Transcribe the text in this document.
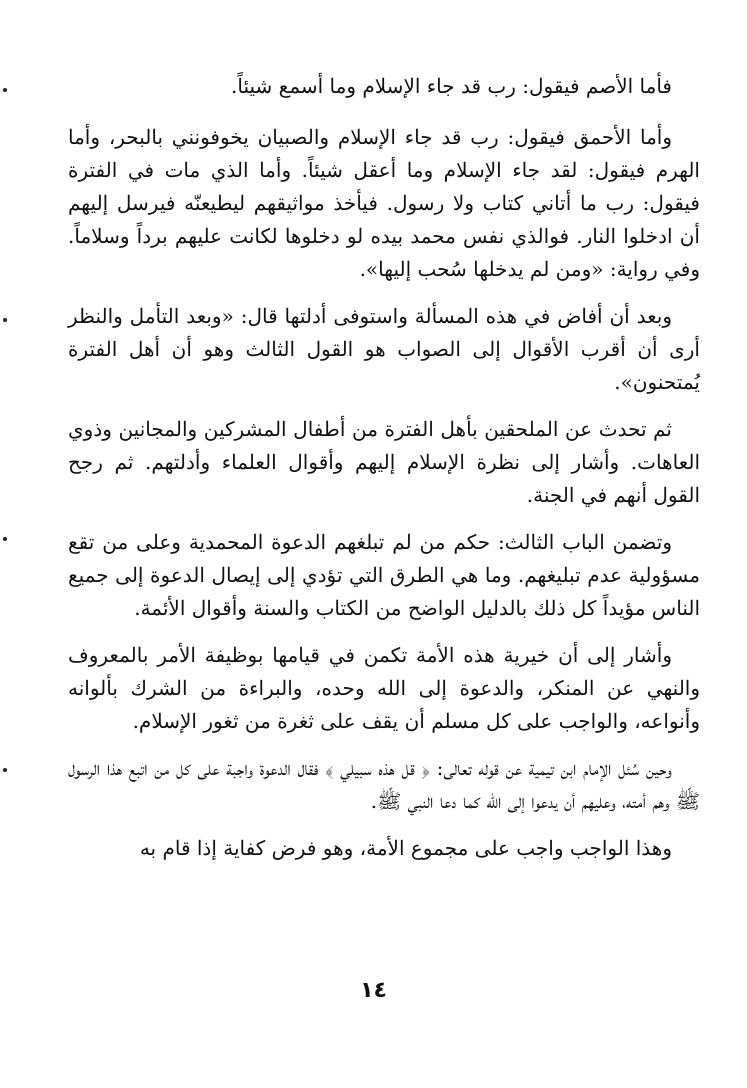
فأما الأصم فيقول: رب قد جاء الإسلام وما أسمع شيئاً.

وأما الأحمق فيقول: رب قد جاء الإسلام والصبيان يخوفونني بالبحر، وأما الهرم فيقول: لقد جاء الإسلام وما أعقل شيئاً. وأما الذي مات في الفترة فيقول: رب ما أتاني كتاب ولا رسول. فيأخذ مواثيقهم ليطيعنّه فيرسل إليهم أن ادخلوا النار. فوالذي نفس محمد بيده لو دخلوها لكانت عليهم برداً وسلاماً. وفي رواية: «ومن لم يدخلها سُحب إليها».

وبعد أن أفاض في هذه المسألة واستوفى أدلتها قال: «وبعد التأمل والنظر أرى أن أقرب الأقوال إلى الصواب هو القول الثالث وهو أن أهل الفترة يُمتحنون».

ثم تحدث عن الملحقين بأهل الفترة من أطفال المشركين والمجانين وذوي العاهات. وأشار إلى نظرة الإسلام إليهم وأقوال العلماء وأدلتهم. ثم رجح القول أنهم في الجنة.

وتضمن الباب الثالث: حكم من لم تبلغهم الدعوة المحمدية وعلى من تقع مسؤولية عدم تبليغهم. وما هي الطرق التي تؤدي إلى إيصال الدعوة إلى جميع الناس مؤيداً كل ذلك بالدليل الواضح من الكتاب والسنة وأقوال الأئمة.

وأشار إلى أن خيرية هذه الأمة تكمن في قيامها بوظيفة الأمر بالمعروف والنهي عن المنكر، والدعوة إلى الله وحده، والبراءة من الشرك بألوانه وأنواعه، والواجب على كل مسلم أن يقف على ثغرة من ثغور الإسلام.

وحين سُئل الإمام ابن تيمية عن قوله تعالى: ﴿ قل هذه سبيلي ﴾ فقال الدعوة واجبة على كل من اتبع هذا الرسول ﷺ وهم أمته، وعليهم أن يدعوا إلى الله كما دعا النبي ﷺ.

وهذا الواجب واجب على مجموع الأمة، وهو فرض كفاية إذا قام به

١٤
